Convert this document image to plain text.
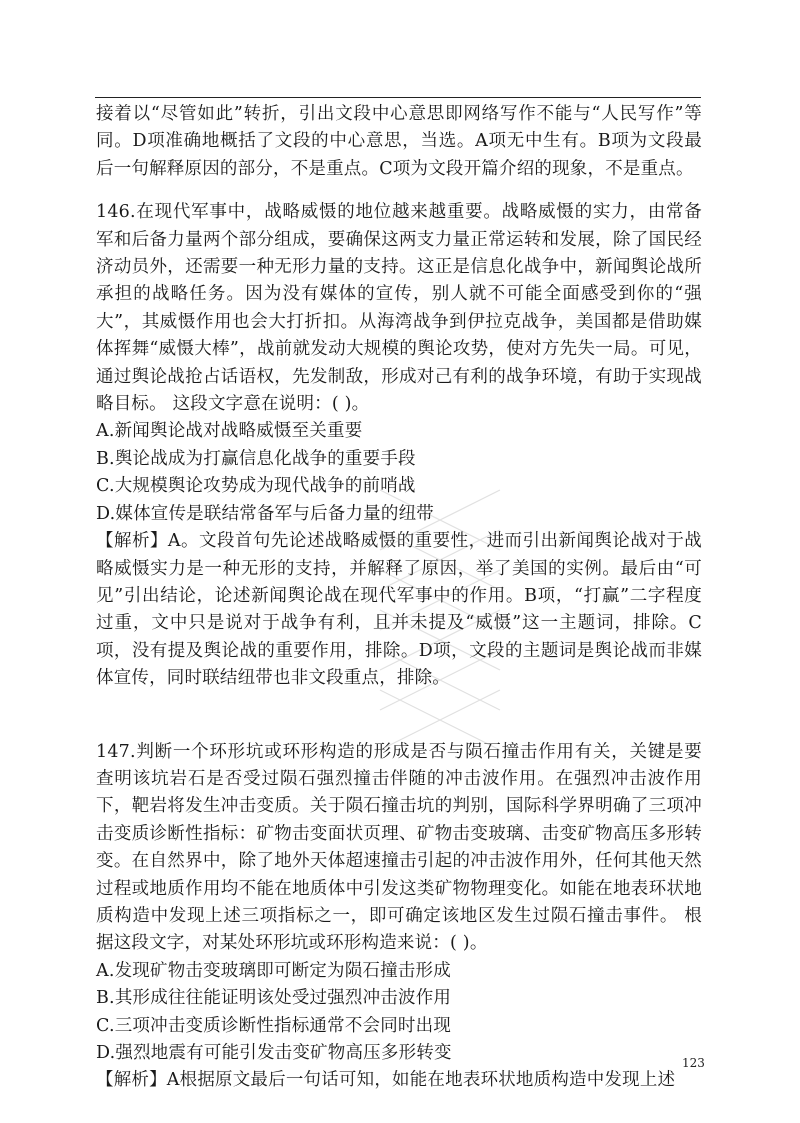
接着以“尽管如此”转折，引出文段中心意思即网络写作不能与“人民写作”等同。D项准确地概括了文段的中心意思，当选。A项无中生有。B项为文段最后一句解释原因的部分，不是重点。C项为文段开篇介绍的现象，不是重点。

146.在现代军事中，战略威慑的地位越来越重要。战略威慑的实力，由常备军和后备力量两个部分组成，要确保这两支力量正常运转和发展，除了国民经济动员外，还需要一种无形力量的支持。这正是信息化战争中，新闻舆论战所承担的战略任务。因为没有媒体的宣传，别人就不可能全面感受到你的“强大”，其威慑作用也会大打折扣。从海湾战争到伊拉克战争，美国都是借助媒体挥舞“威慑大棒”，战前就发动大规模的舆论攻势，使对方先失一局。可见，通过舆论战抢占话语权，先发制敌，形成对己有利的战争环境，有助于实现战略目标。 这段文字意在说明：( )。

A.新闻舆论战对战略威慑至关重要

B.舆论战成为打赢信息化战争的重要手段

C.大规模舆论攻势成为现代战争的前哨战

D.媒体宣传是联结常备军与后备力量的纽带

【解析】A。文段首句先论述战略威慑的重要性，进而引出新闻舆论战对于战略威慑实力是一种无形的支持，并解释了原因，举了美国的实例。最后由“可见”引出结论，论述新闻舆论战在现代军事中的作用。B项，“打赢”二字程度过重，文中只是说对于战争有利，且并未提及“威慑”这一主题词，排除。C项，没有提及舆论战的重要作用，排除。D项，文段的主题词是舆论战而非媒体宣传，同时联结纽带也非文段重点，排除。

147.判断一个环形坑或环形构造的形成是否与陨石撞击作用有关，关键是要查明该坑岩石是否受过陨石强烈撞击伴随的冲击波作用。在强烈冲击波作用下，靶岩将发生冲击变质。关于陨石撞击坑的判别，国际科学界明确了三项冲击变质诊断性指标：矿物击变面状页理、矿物击变玻璃、击变矿物高压多形转变。在自然界中，除了地外天体超速撞击引起的冲击波作用外，任何其他天然过程或地质作用均不能在地质体中引发这类矿物物理变化。如能在地表环状地质构造中发现上述三项指标之一，即可确定该地区发生过陨石撞击事件。 根据这段文字，对某处环形坑或环形构造来说：( )。

A.发现矿物击变玻璃即可断定为陨石撞击形成

B.其形成往往能证明该处受过强烈冲击波作用

C.三项冲击变质诊断性指标通常不会同时出现

D.强烈地震有可能引发击变矿物高压多形转变

【解析】A根据原文最后一句话可知，如能在地表环状地质构造中发现上述

123
